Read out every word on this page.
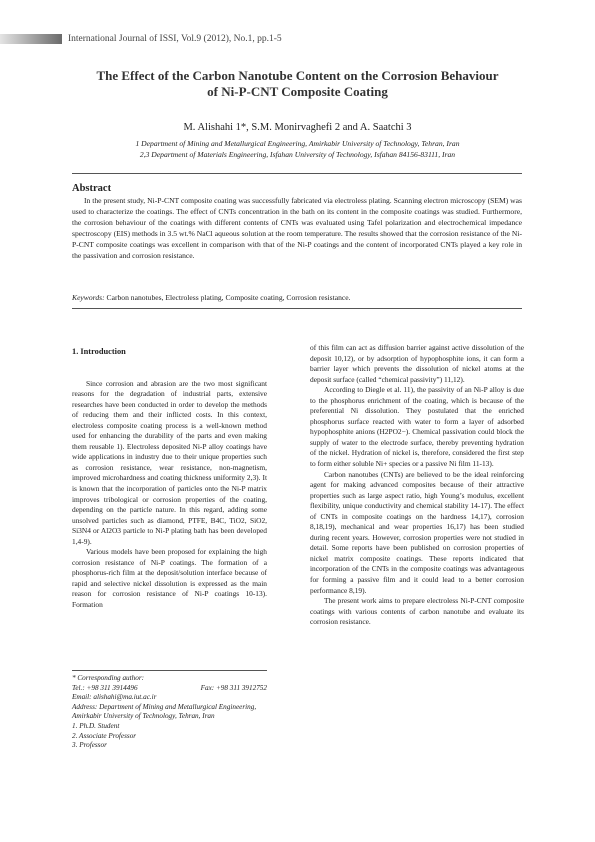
International Journal of ISSI, Vol.9 (2012), No.1, pp.1-5
The Effect of the Carbon Nanotube Content on the Corrosion Behaviour
of Ni-P-CNT Composite Coating
M. Alishahi 1*, S.M. Monirvaghefi 2 and A. Saatchi 3
1 Department of Mining and Metallurgical Engineering, Amirkabir University of Technology, Tehran, Iran
2,3 Department of Materials Engineering, Isfahan University of Technology, Isfahan 84156-83111, Iran
Abstract
In the present study, Ni-P-CNT composite coating was successfully fabricated via electroless plating. Scanning electron microscopy (SEM) was used to characterize the coatings. The effect of CNTs concentration in the bath on its content in the composite coatings was studied. Furthermore, the corrosion behaviour of the coatings with different contents of CNTs was evaluated using Tafel polarization and electrochemical impedance spectroscopy (EIS) methods in 3.5 wt.% NaCl aqueous solution at the room temperature. The results showed that the corrosion resistance of the Ni-P-CNT composite coatings was excellent in comparison with that of the Ni-P coatings and the content of incorporated CNTs played a key role in the passivation and corrosion resistance.
Keywords: Carbon nanotubes, Electroless plating, Composite coating, Corrosion resistance.
1. Introduction

Since corrosion and abrasion are the two most significant reasons for the degradation of industrial parts, extensive researches have been conducted in order to develop the methods of reducing them and their inflicted costs. In this context, electroless composite coating process is a well-known method used for enhancing the durability of the parts and even making them reusable 1). Electroless deposited Ni-P alloy coatings have wide applications in industry due to their unique properties such as corrosion resistance, wear resistance, non-magnetism, improved microhardness and coating thickness uniformity 2,3). It is known that the incorporation of particles onto the Ni-P matrix improves tribological or corrosion properties of the coating, depending on the particle nature. In this regard, adding some unsolved particles such as diamond, PTFE, B4C, TiO2, SiO2, Si3N4 or Al2O3 particle to Ni-P plating bath has been developed 1,4-9).

Various models have been proposed for explaining the high corrosion resistance of Ni-P coatings. The formation of a phosphorus-rich film at the deposit/solution interface because of rapid and selective nickel dissolution is expressed as the main reason for corrosion resistance of Ni-P coatings 10-13). Formation

of this film can act as diffusion barrier against active dissolution of the deposit 10,12), or by adsorption of hypophosphite ions, it can form a barrier layer which prevents the dissolution of nickel atoms at the deposit surface (called “chemical passivity”) 11,12).

According to Diegle et al. 11), the passivity of an Ni-P alloy is due to the phosphorus enrichment of the coating, which is because of the preferential Ni dissolution. They postulated that the enriched phosphorus surface reacted with water to form a layer of adsorbed hypophosphite anions (H2PO2−). Chemical passivation could block the supply of water to the electrode surface, thereby preventing hydration of the nickel. Hydration of nickel is, therefore, considered the first step to form either soluble Ni+ species or a passive Ni film 11-13).

Carbon nanotubes (CNTs) are believed to be the ideal reinforcing agent for making advanced composites because of their attractive properties such as large aspect ratio, high Young’s modulus, excellent flexibility, unique conductivity and chemical stability 14-17). The effect of CNTs in composite coatings on the hardness 14,17), corrosion 8,18,19), mechanical and wear properties 16,17) has been studied during recent years. However, corrosion properties were not studied in detail. Some reports have been published on corrosion properties of nickel matrix composite coatings. These reports indicated that incorporation of the CNTs in the composite coatings was advantageous for forming a passive film and it could lead to a better corrosion performance 8,19).

The present work aims to prepare electroless Ni-P-CNT composite coatings with various contents of carbon nanotube and evaluate its corrosion resistance.

* Corresponding author:
Tel.: +98 311 3914496	Fax: +98 311 3912752
Email: alishahi@ma.iut.ac.ir
Address: Department of Mining and Metallurgical Engineering, Amirkabir University of Technology, Tehran, Iran
1. Ph.D. Student
2. Associate Professor
3. Professor
